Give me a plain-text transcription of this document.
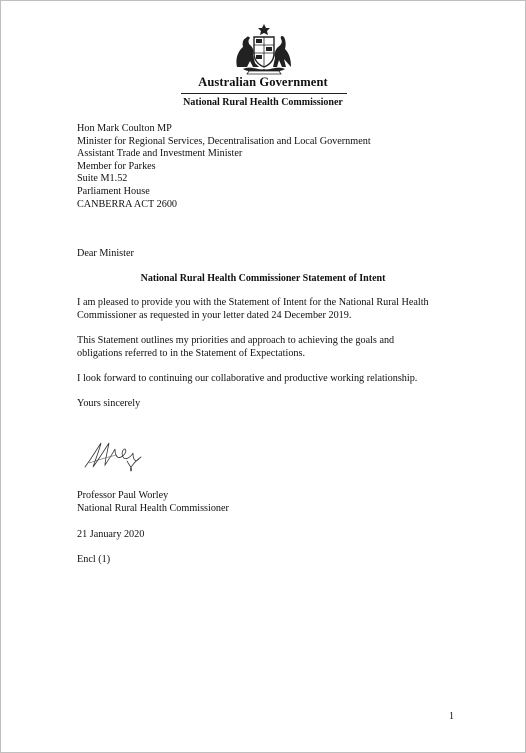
Australian Government
National Rural Health Commissioner
Hon Mark Coulton MP
Minister for Regional Services, Decentralisation and Local Government
Assistant Trade and Investment Minister
Member for Parkes
Suite M1.52
Parliament House
CANBERRA ACT 2600
Dear Minister
National Rural Health Commissioner Statement of Intent
I am pleased to provide you with the Statement of Intent for the National Rural Health
Commissioner as requested in your letter dated 24 December 2019.
This Statement outlines my priorities and approach to achieving the goals and
obligations referred to in the Statement of Expectations.
I look forward to continuing our collaborative and productive working relationship.
Yours sincerely
Professor Paul Worley
National Rural Health Commissioner
21 January 2020
Encl (1)
1
